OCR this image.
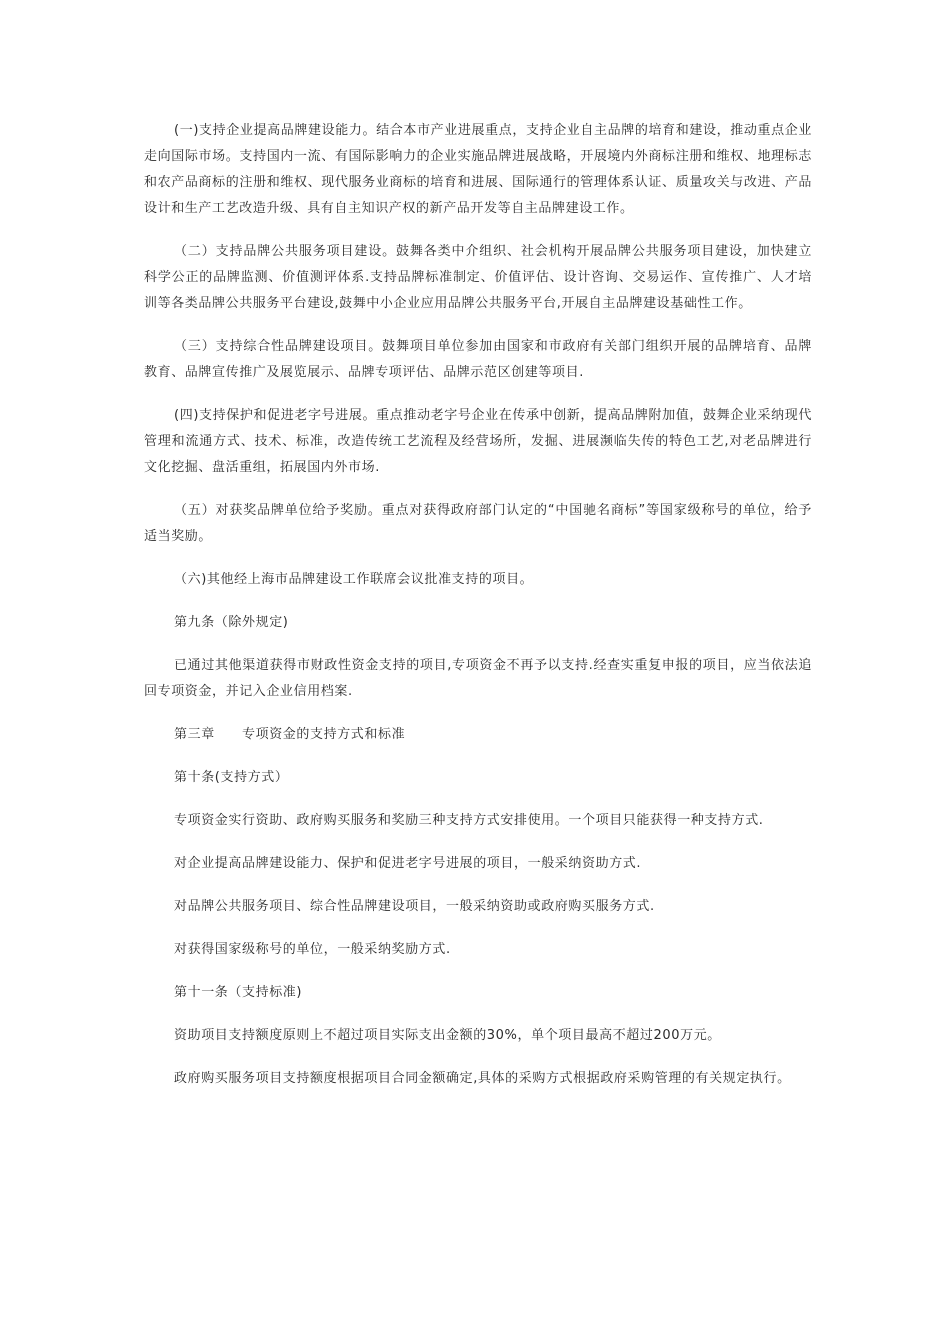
(一)支持企业提高品牌建设能力。结合本市产业进展重点，支持企业自主品牌的培育和建设，推动重点企业走向国际市场。支持国内一流、有国际影响力的企业实施品牌进展战略，开展境内外商标注册和维权、地理标志和农产品商标的注册和维权、现代服务业商标的培育和进展、国际通行的管理体系认证、质量攻关与改进、产品设计和生产工艺改造升级、具有自主知识产权的新产品开发等自主品牌建设工作。

（二）支持品牌公共服务项目建设。鼓舞各类中介组织、社会机构开展品牌公共服务项目建设，加快建立科学公正的品牌监测、价值测评体系.支持品牌标准制定、价值评估、设计咨询、交易运作、宣传推广、人才培训等各类品牌公共服务平台建设,鼓舞中小企业应用品牌公共服务平台,开展自主品牌建设基础性工作。

（三）支持综合性品牌建设项目。鼓舞项目单位参加由国家和市政府有关部门组织开展的品牌培育、品牌教育、品牌宣传推广及展览展示、品牌专项评估、品牌示范区创建等项目.

(四)支持保护和促进老字号进展。重点推动老字号企业在传承中创新，提高品牌附加值，鼓舞企业采纳现代管理和流通方式、技术、标准，改造传统工艺流程及经营场所，发掘、进展濒临失传的特色工艺,对老品牌进行文化挖掘、盘活重组，拓展国内外市场.

（五）对获奖品牌单位给予奖励。重点对获得政府部门认定的“中国驰名商标”等国家级称号的单位，给予适当奖励。

（六)其他经上海市品牌建设工作联席会议批准支持的项目。

第九条（除外规定)

已通过其他渠道获得市财政性资金支持的项目,专项资金不再予以支持.经查实重复申报的项目，应当依法追回专项资金，并记入企业信用档案.

第三章　　专项资金的支持方式和标准

第十条(支持方式）

专项资金实行资助、政府购买服务和奖励三种支持方式安排使用。一个项目只能获得一种支持方式.

对企业提高品牌建设能力、保护和促进老字号进展的项目，一般采纳资助方式.

对品牌公共服务项目、综合性品牌建设项目，一般采纳资助或政府购买服务方式.

对获得国家级称号的单位，一般采纳奖励方式.

第十一条（支持标准)

资助项目支持额度原则上不超过项目实际支出金额的30%，单个项目最高不超过200万元。

政府购买服务项目支持额度根据项目合同金额确定,具体的采购方式根据政府采购管理的有关规定执行。
